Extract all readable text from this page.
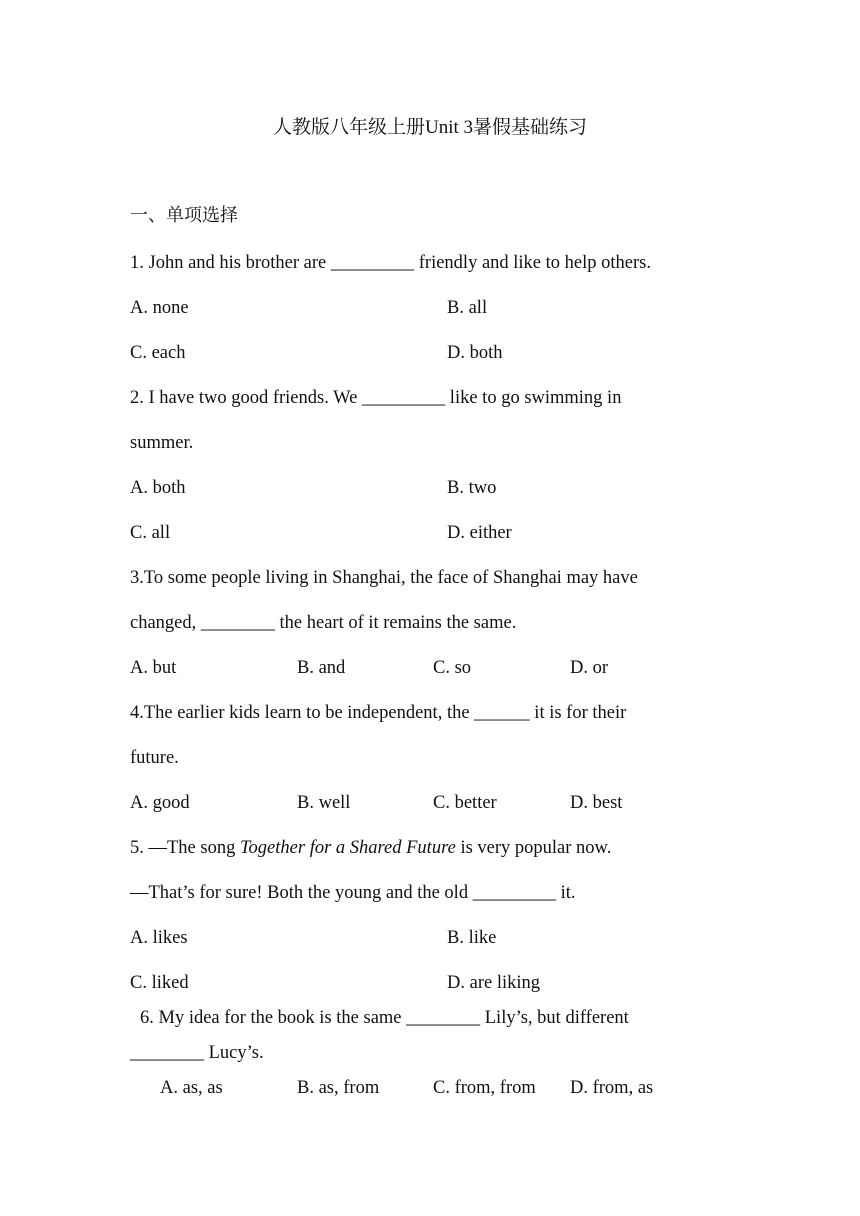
人教版八年级上册Unit 3暑假基础练习
一、单项选择
1. John and his brother are _________ friendly and like to help others.
A. none	B. all
C. each	D. both
2. I have two good friends. We _________ like to go swimming in
summer.
A. both	B. two
C. all	D. either
3.To some people living in Shanghai, the face of Shanghai may have
changed, ________ the heart of it remains the same.
A. but	B. and	C. so	D. or
4.The earlier kids learn to be independent, the ______ it is for their
future.
A. good	B. well	C. better	D. best
5. —The song Together for a Shared Future is very popular now.
—That’s for sure! Both the young and the old _________ it.
A. likes	B. like
C. liked	D. are liking
6. My idea for the book is the same ________ Lily’s, but different
________ Lucy’s.
A. as, as	B. as, from	C. from, from D. from, as
